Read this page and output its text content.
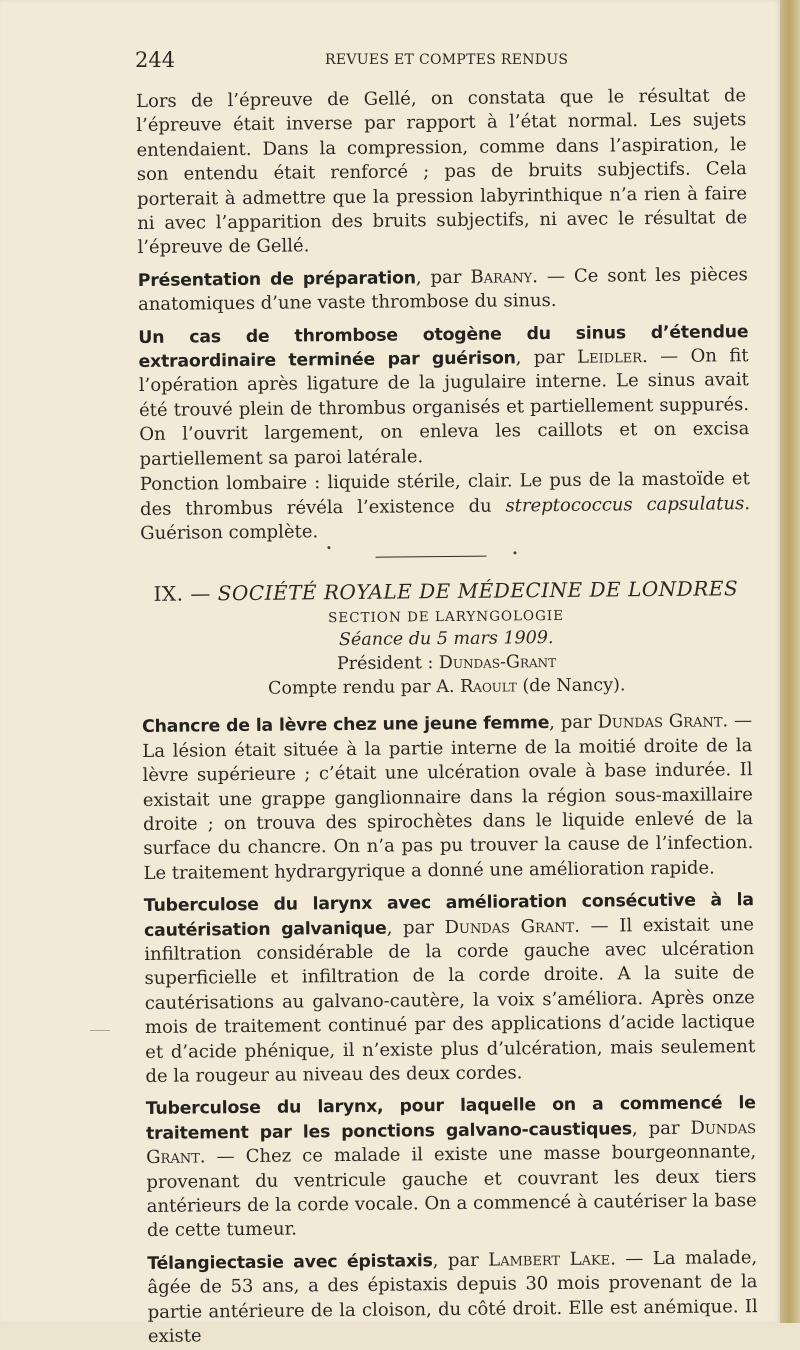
244	REVUES ET COMPTES RENDUS

Lors de l’épreuve de Gellé, on constata que le résultat de l’épreuve était inverse par rapport à l’état normal. Les sujets entendaient. Dans la compression, comme dans l’aspiration, le son entendu était renforcé ; pas de bruits subjectifs. Cela porterait à admettre que la pression labyrinthique n’a rien à faire ni avec l’apparition des bruits subjectifs, ni avec le résultat de l’épreuve de Gellé.

Présentation de préparation, par Barany. — Ce sont les pièces anatomiques d’une vaste thrombose du sinus.

Un cas de thrombose otogène du sinus d’étendue extraordinaire terminée par guérison, par Leidler. — On fit l’opération après ligature de la jugulaire interne. Le sinus avait été trouvé plein de thrombus organisés et partiellement suppurés. On l’ouvrit largement, on enleva les caillots et on excisa partiellement sa paroi latérale.

Ponction lombaire : liquide stérile, clair. Le pus de la mastoïde et des thrombus révéla l’existence du streptococcus capsulatus. Guérison complète.

IX. — SOCIÉTÉ ROYALE DE MÉDECINE DE LONDRES
SECTION DE LARYNGOLOGIE
Séance du 5 mars 1909.
Président : Dundas-Grant
Compte rendu par A. Raoult (de Nancy).

Chancre de la lèvre chez une jeune femme, par Dundas Grant. — La lésion était située à la partie interne de la moitié droite de la lèvre supérieure ; c’était une ulcération ovale à base indurée. Il existait une grappe ganglionnaire dans la région sous-maxillaire droite ; on trouva des spirochètes dans le liquide enlevé de la surface du chancre. On n’a pas pu trouver la cause de l’infection. Le traitement hydrargyrique a donné une amélioration rapide.

Tuberculose du larynx avec amélioration consécutive à la cautérisation galvanique, par Dundas Grant. — Il existait une infiltration considérable de la corde gauche avec ulcération superficielle et infiltration de la corde droite. A la suite de cautérisations au galvano-cautère, la voix s’améliora. Après onze mois de traitement continué par des applications d’acide lactique et d’acide phénique, il n’existe plus d’ulcération, mais seulement de la rougeur au niveau des deux cordes.

Tuberculose du larynx, pour laquelle on a commencé le traitement par les ponctions galvano-caustiques, par Dundas Grant. — Chez ce malade il existe une masse bourgeonnante, provenant du ventricule gauche et couvrant les deux tiers antérieurs de la corde vocale. On a commencé à cautériser la base de cette tumeur.

Télangiectasie avec épistaxis, par Lambert Lake. — La malade, âgée de 53 ans, a des épistaxis depuis 30 mois provenant de la partie antérieure de la cloison, du côté droit. Elle est anémique. Il existe
